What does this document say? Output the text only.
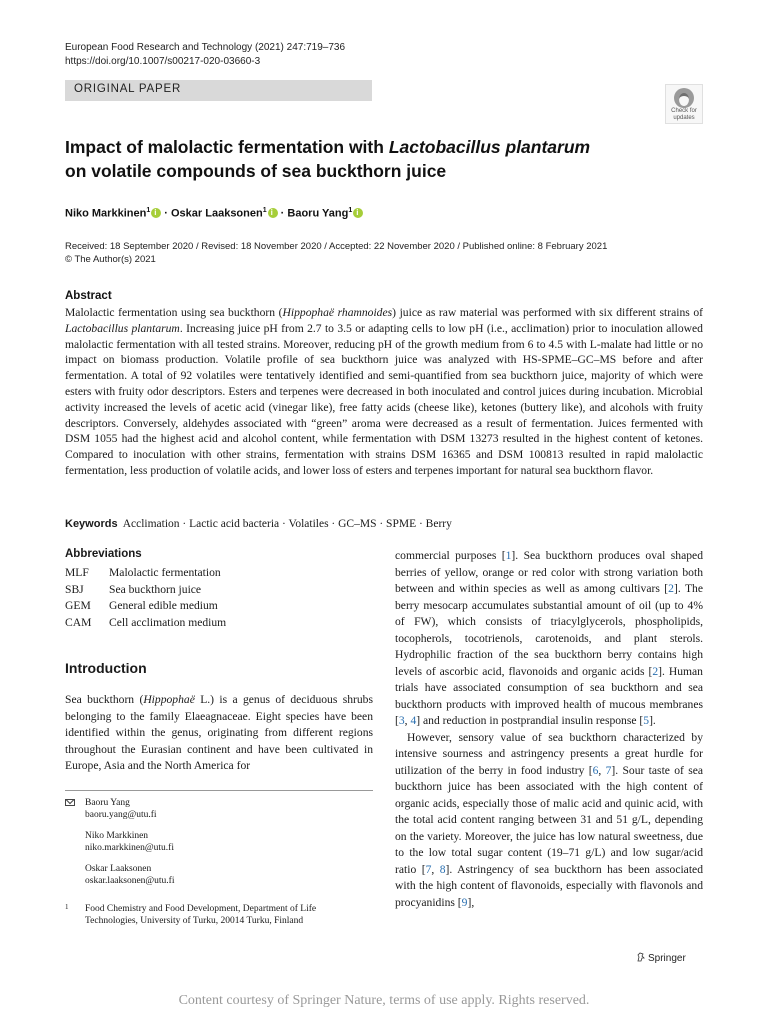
European Food Research and Technology (2021) 247:719–736
https://doi.org/10.1007/s00217-020-03660-3
ORIGINAL PAPER
Check for
updates
Impact of malolactic fermentation with Lactobacillus plantarum
on volatile compounds of sea buckthorn juice
Niko Markkinen$^1$i · Oskar Laaksonen$^1$i · Baoru Yang$^1$i
Received: 18 September 2020 / Revised: 18 November 2020 / Accepted: 22 November 2020 / Published online: 8 February 2021
© The Author(s) 2021
Abstract

Malolactic fermentation using sea buckthorn (Hippophaë rhamnoides) juice as raw material was performed with six different strains of Lactobacillus plantarum. Increasing juice pH from 2.7 to 3.5 or adapting cells to low pH (i.e., acclimation) prior to inoculation allowed malolactic fermentation with all tested strains. Moreover, reducing pH of the growth medium from 6 to 4.5 with L-malate had little or no impact on biomass production. Volatile profile of sea buckthorn juice was analyzed with HS-SPME–GC–MS before and after fermentation. A total of 92 volatiles were tentatively identified and semi-quantified from sea buckthorn juice, majority of which were esters with fruity odor descriptors. Esters and terpenes were decreased in both inoculated and control juices during incubation. Microbial activity increased the levels of acetic acid (vinegar like), free fatty acids (cheese like), ketones (buttery like), and alcohols with fruity descriptors. Conversely, aldehydes associated with “green” aroma were decreased as a result of fermentation. Juices fermented with DSM 1055 had the highest acid and alcohol content, while fermentation with DSM 13273 resulted in the highest content of ketones. Compared to inoculation with other strains, fermentation with strains DSM 16365 and DSM 100813 resulted in rapid malolactic fermentation, less production of volatile acids, and lower loss of esters and terpenes important for natural sea buckthorn flavor.

Keywords Acclimation · Lactic acid bacteria · Volatiles · GC–MS · SPME · Berry
Abbreviations
MLF	Malolactic fermentation
SBJ	Sea buckthorn juice
GEM	General edible medium
CAM	Cell acclimation medium
Introduction

Sea buckthorn (Hippophaë L.) is a genus of deciduous shrubs belonging to the family Elaeagnaceae. Eight species have been identified within the genus, originating from different regions throughout the Eurasian continent and have been cultivated in Europe, Asia and the North America for

commercial purposes [1]. Sea buckthorn produces oval shaped berries of yellow, orange or red color with strong variation both between and within species as well as among cultivars [2]. The berry mesocarp accumulates substantial amount of oil (up to 4% of FW), which consists of triacylglycerols, phospholipids, tocopherols, tocotrienols, carotenoids, and plant sterols. Hydrophilic fraction of the sea buckthorn berry contains high levels of ascorbic acid, flavonoids and organic acids [2]. Human trials have associated consumption of sea buckthorn and sea buckthorn products with improved health of mucous membranes [3, 4] and reduction in postprandial insulin response [5].

However, sensory value of sea buckthorn characterized by intensive sourness and astringency presents a great hurdle for utilization of the berry in food industry [6, 7]. Sour taste of sea buckthorn juice has been associated with the high content of organic acids, especially those of malic acid and quinic acid, with the total acid content ranging between 31 and 51 g/L, depending on the variety. Moreover, the juice has low natural sweetness, due to the low total sugar content (19–71 g/L) and low sugar/acid ratio [7, 8]. Astringency of sea buckthorn has been associated with the high content of flavonoids, especially with flavonols and procyanidins [9],

Baoru Yang
baoru.yang@utu.fi
Niko Markkinen
niko.markkinen@utu.fi
Oskar Laaksonen
oskar.laaksonen@utu.fi
1 Food Chemistry and Food Development, Department of Life Technologies, University of Turku, 20014 Turku, Finland
Springer
Content courtesy of Springer Nature, terms of use apply. Rights reserved.
